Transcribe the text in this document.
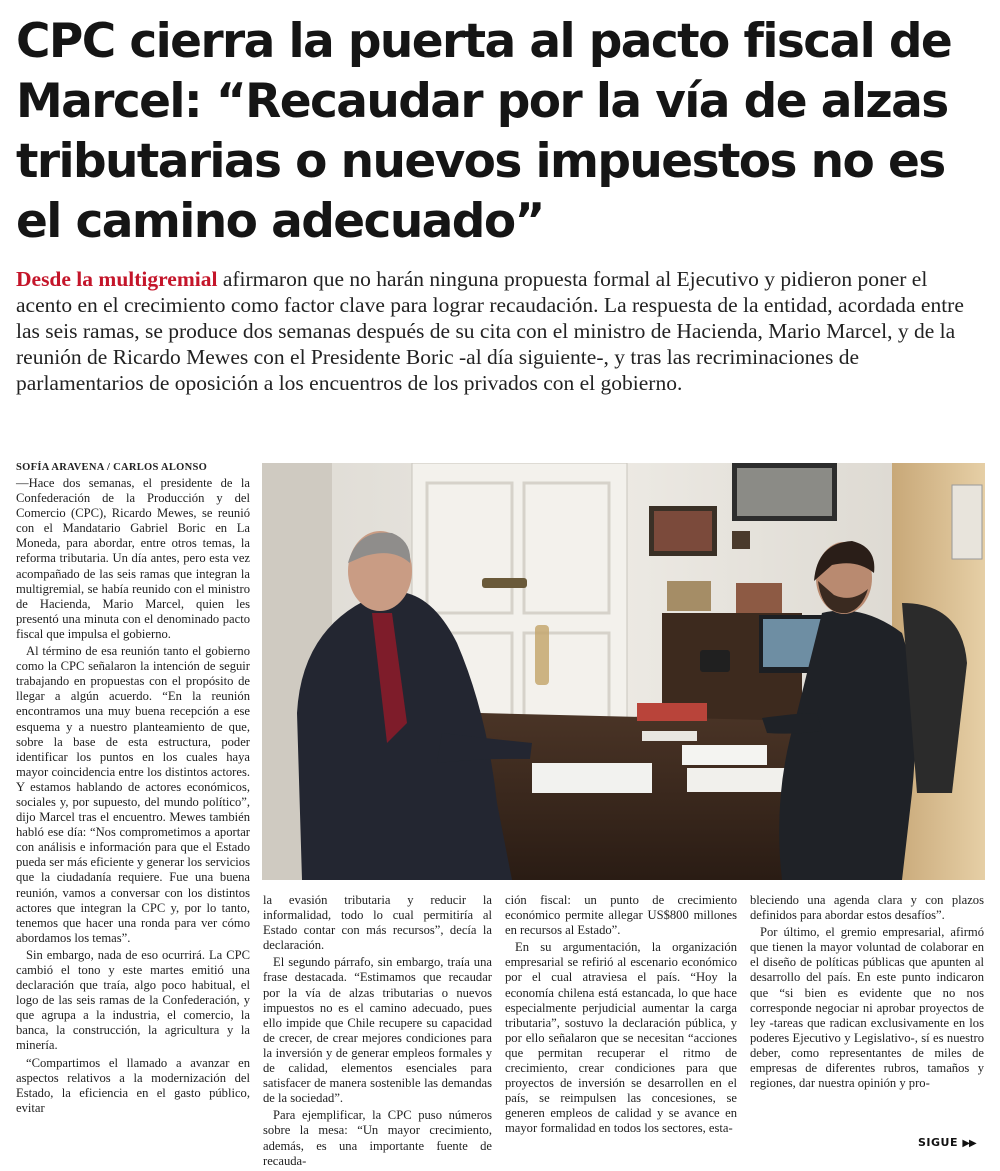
CPC cierra la puerta al pacto fiscal de Marcel: “Recaudar por la vía de alzas tributarias o nuevos impuestos no es el camino adecuado”

Desde la multigremial afirmaron que no harán ninguna propuesta formal al Ejecutivo y pidieron poner el acento en el crecimiento como factor clave para lograr recaudación. La respuesta de la entidad, acordada entre las seis ramas, se produce dos semanas después de su cita con el ministro de Hacienda, Mario Marcel, y de la reunión de Ricardo Mewes con el Presidente Boric -al día siguiente-, y tras las recriminaciones de parlamentarios de oposición a los encuentros de los privados con el gobierno.

SOFÍA ARAVENA / CARLOS ALONSO

—Hace dos semanas, el presidente de la Confederación de la Producción y del Comercio (CPC), Ricardo Mewes, se reunió con el Mandatario Gabriel Boric en La Moneda, para abordar, entre otros temas, la reforma tributaria. Un día antes, pero esta vez acompañado de las seis ramas que integran la multigremial, se había reunido con el ministro de Hacienda, Mario Marcel, quien les presentó una minuta con el denominado pacto fiscal que impulsa el gobierno.

Al término de esa reunión tanto el gobierno como la CPC señalaron la intención de seguir trabajando en propuestas con el propósito de llegar a algún acuerdo. “En la reunión encontramos una muy buena recepción a ese esquema y a nuestro planteamiento de que, sobre la base de esta estructura, poder identificar los puntos en los cuales haya mayor coincidencia entre los distintos actores. Y estamos hablando de actores económicos, sociales y, por supuesto, del mundo político”, dijo Marcel tras el encuentro. Mewes también habló ese día: “Nos comprometimos a aportar con análisis e información para que el Estado pueda ser más eficiente y generar los servicios que la ciudadanía requiere. Fue una buena reunión, vamos a conversar con los distintos actores que integran la CPC y, por lo tanto, tenemos que hacer una ronda para ver cómo abordamos los temas”.

Sin embargo, nada de eso ocurrirá. La CPC cambió el tono y este martes emitió una declaración que traía, algo poco habitual, el logo de las seis ramas de la Confederación, y que agrupa a la industria, el comercio, la banca, la construcción, la agricultura y la minería.

“Compartimos el llamado a avanzar en aspectos relativos a la modernización del Estado, la eficiencia en el gasto público, evitar

la evasión tributaria y reducir la informalidad, todo lo cual permitiría al Estado contar con más recursos”, decía la declaración.

El segundo párrafo, sin embargo, traía una frase destacada. “Estimamos que recaudar por la vía de alzas tributarias o nuevos impuestos no es el camino adecuado, pues ello impide que Chile recupere su capacidad de crecer, de crear mejores condiciones para la inversión y de generar empleos formales y de calidad, elementos esenciales para satisfacer de manera sostenible las demandas de la sociedad”.

Para ejemplificar, la CPC puso números sobre la mesa: “Un mayor crecimiento, además, es una importante fuente de recauda-

ción fiscal: un punto de crecimiento económico permite allegar US$800 millones en recursos al Estado”.

En su argumentación, la organización empresarial se refirió al escenario económico por el cual atraviesa el país. “Hoy la economía chilena está estancada, lo que hace especialmente perjudicial aumentar la carga tributaria”, sostuvo la declaración pública, y por ello señalaron que se necesitan “acciones que permitan recuperar el ritmo de crecimiento, crear condiciones para que proyectos de inversión se desarrollen en el país, se reimpulsen las concesiones, se generen empleos de calidad y se avance en mayor formalidad en todos los sectores, esta-

bleciendo una agenda clara y con plazos definidos para abordar estos desafíos”.

Por último, el gremio empresarial, afirmó que tienen la mayor voluntad de colaborar en el diseño de políticas públicas que apunten al desarrollo del país. En este punto indicaron que “si bien es evidente que no nos corresponde negociar ni aprobar proyectos de ley -tareas que radican exclusivamente en los poderes Ejecutivo y Legislativo-, sí es nuestro deber, como representantes de miles de empresas de diferentes rubros, tamaños y regiones, dar nuestra opinión y pro-

SIGUE ▶▶
